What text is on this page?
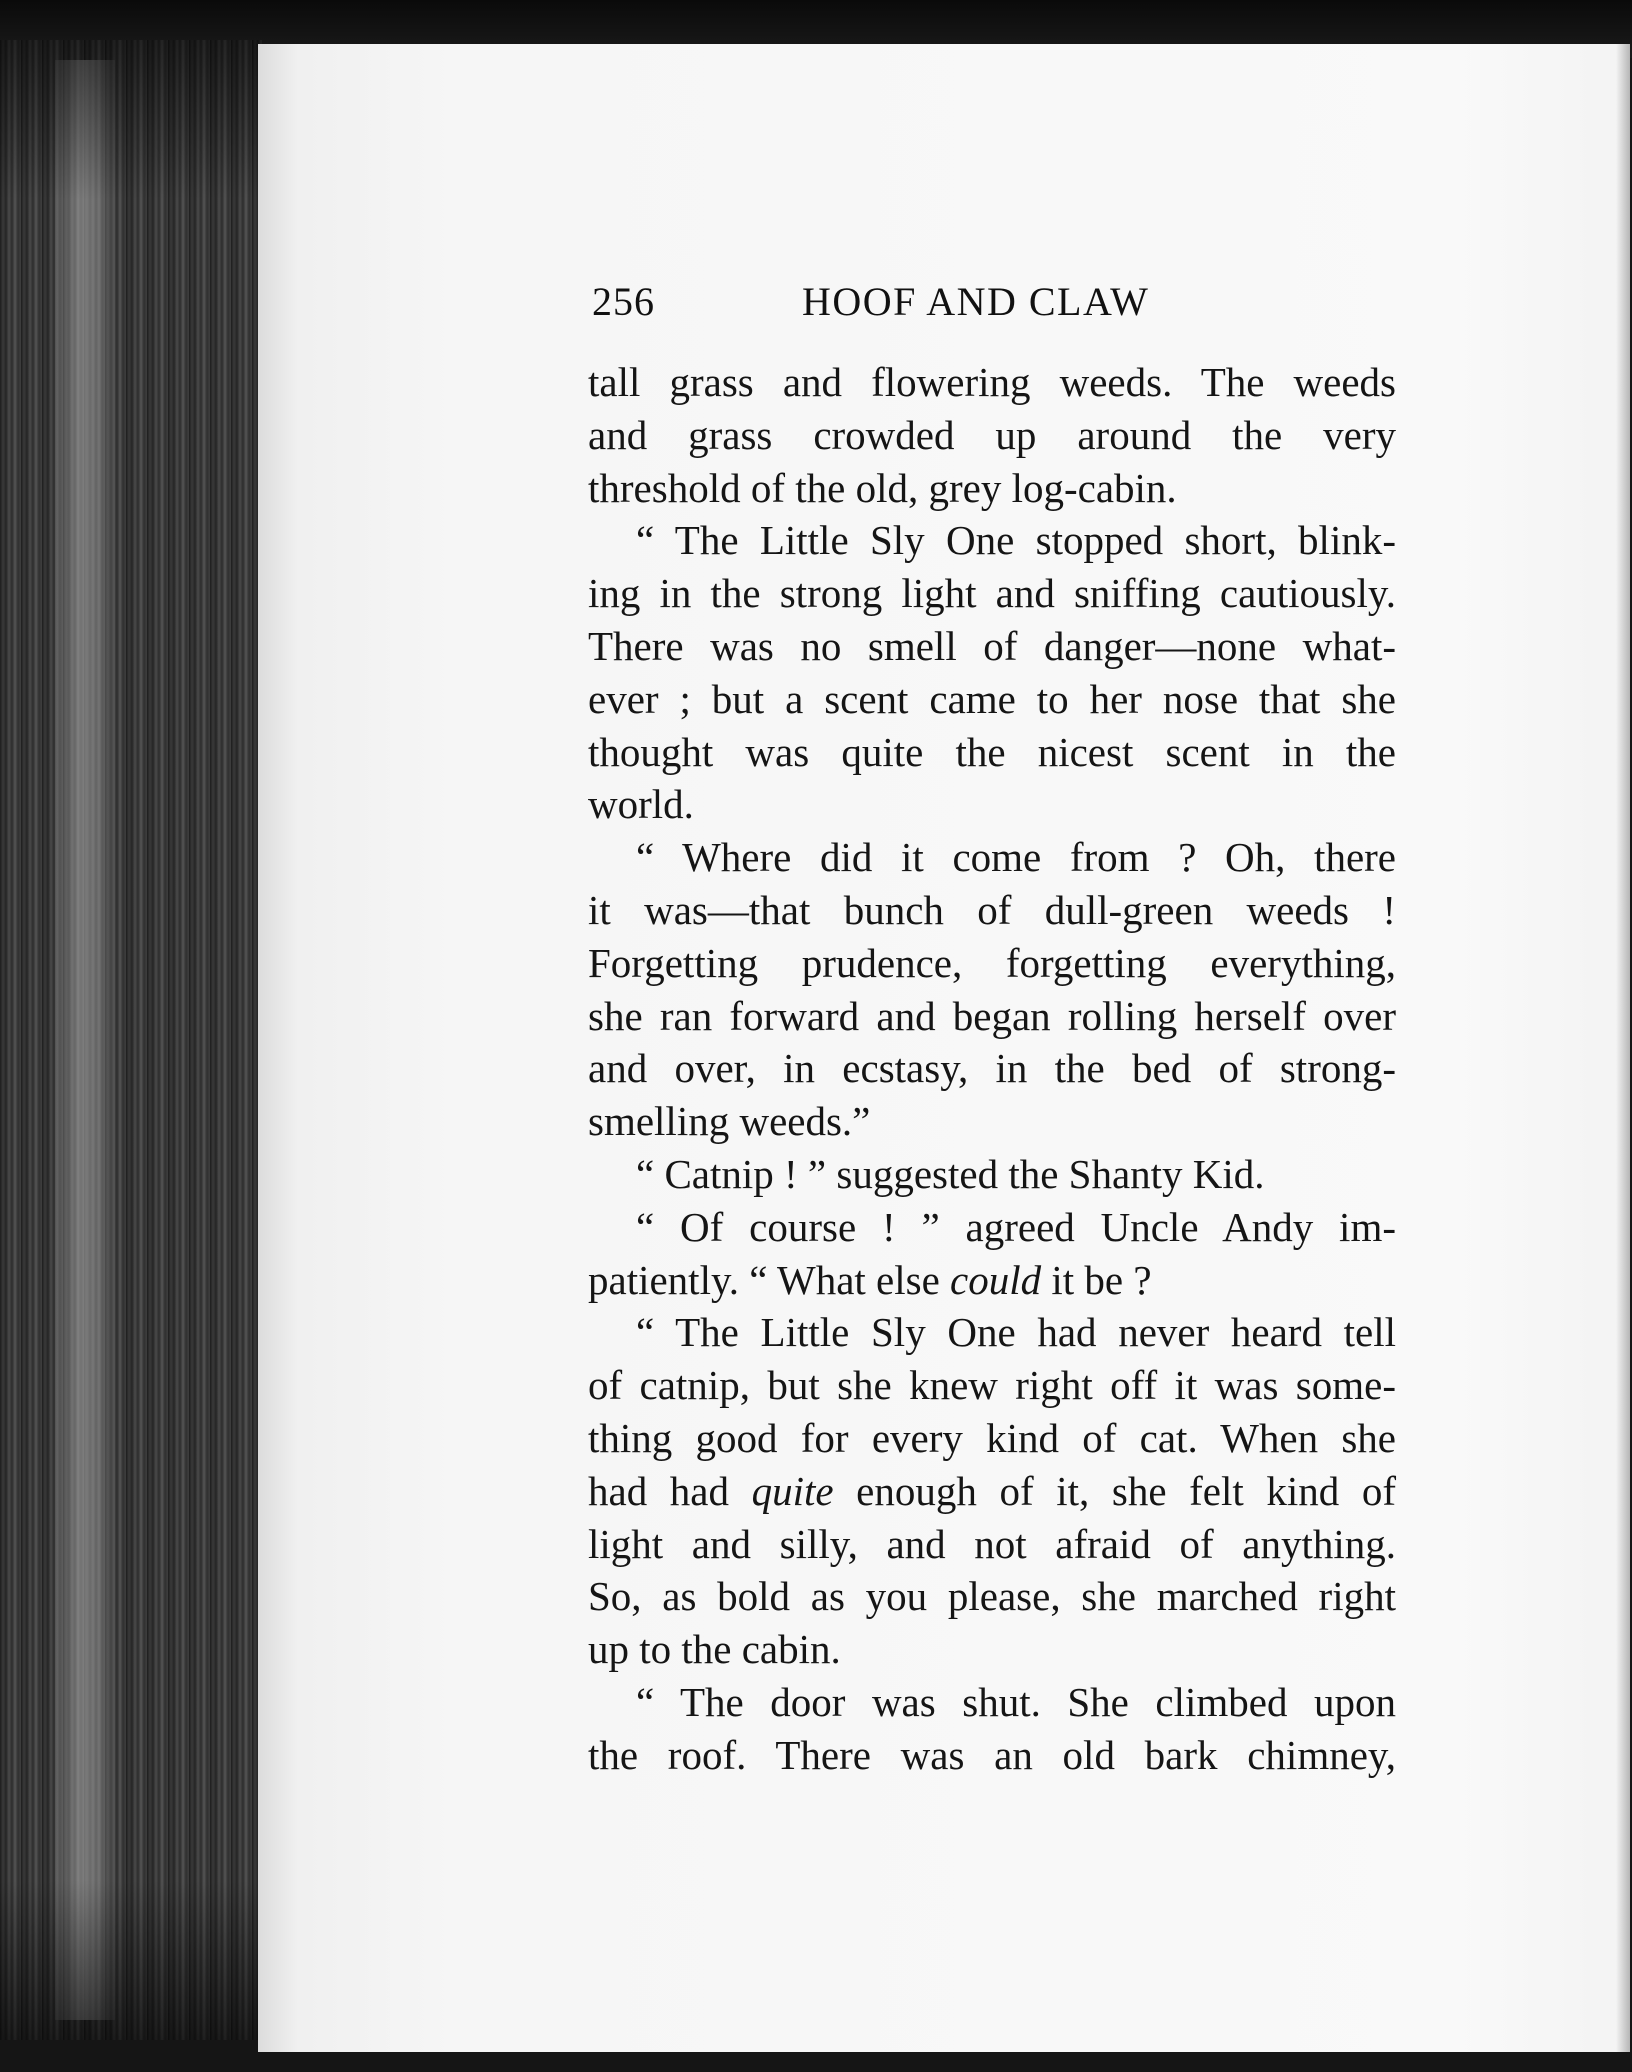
256	HOOF AND CLAW

tall grass and flowering weeds. The weeds

and grass crowded up around the very

threshold of the old, grey log-cabin.

“ The Little Sly One stopped short, blink-

ing in the strong light and sniffing cautiously.

There was no smell of danger—none what-

ever ; but a scent came to her nose that she

thought was quite the nicest scent in the

world.

“ Where did it come from ? Oh, there

it was—that bunch of dull-green weeds !

Forgetting prudence, forgetting everything,

she ran forward and began rolling herself over

and over, in ecstasy, in the bed of strong-

smelling weeds.”

“ Catnip ! ” suggested the Shanty Kid.

“ Of course ! ” agreed Uncle Andy im-

patiently. “ What else could it be ?

“ The Little Sly One had never heard tell

of catnip, but she knew right off it was some-

thing good for every kind of cat. When she

had had quite enough of it, she felt kind of

light and silly, and not afraid of anything.

So, as bold as you please, she marched right

up to the cabin.

“ The door was shut. She climbed upon

the roof. There was an old bark chimney,
